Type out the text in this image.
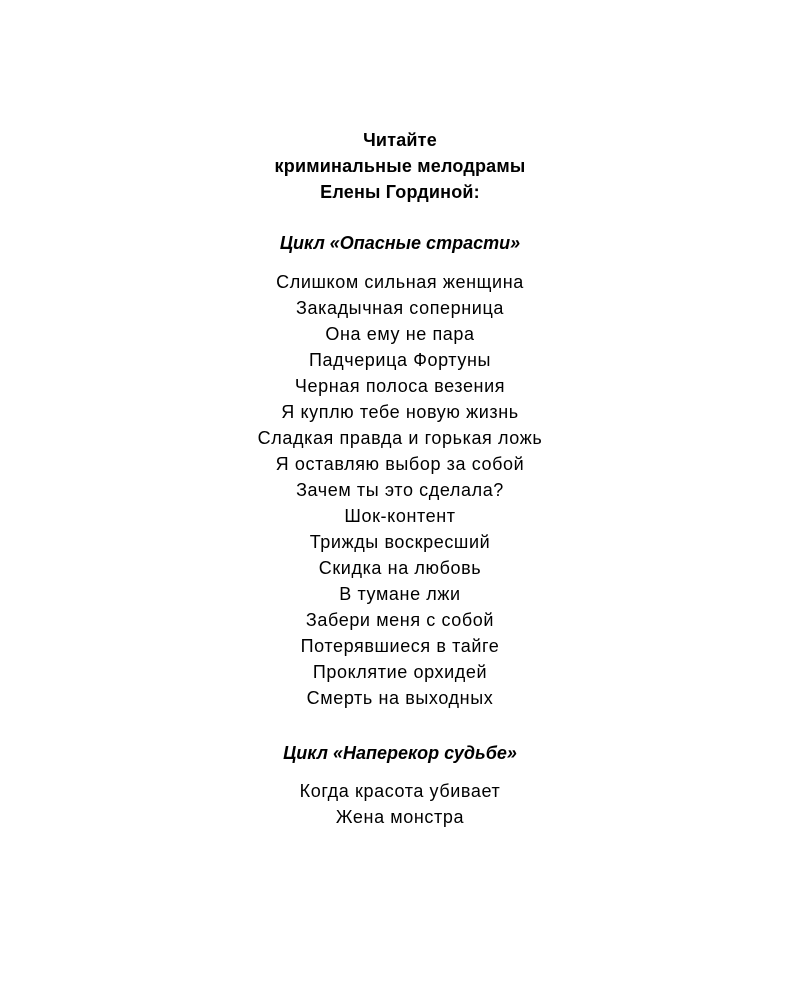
Читайте
криминальные мелодрамы
Елены Гординой:
Цикл «Опасные страсти»
Слишком сильная женщина
Закадычная соперница
Она ему не пара
Падчерица Фортуны
Черная полоса везения
Я куплю тебе новую жизнь
Сладкая правда и горькая ложь
Я оставляю выбор за собой
Зачем ты это сделала?
Шок-контент
Трижды воскресший
Скидка на любовь
В тумане лжи
Забери меня с собой
Потерявшиеся в тайге
Проклятие орхидей
Смерть на выходных
Цикл «Наперекор судьбе»
Когда красота убивает
Жена монстра
